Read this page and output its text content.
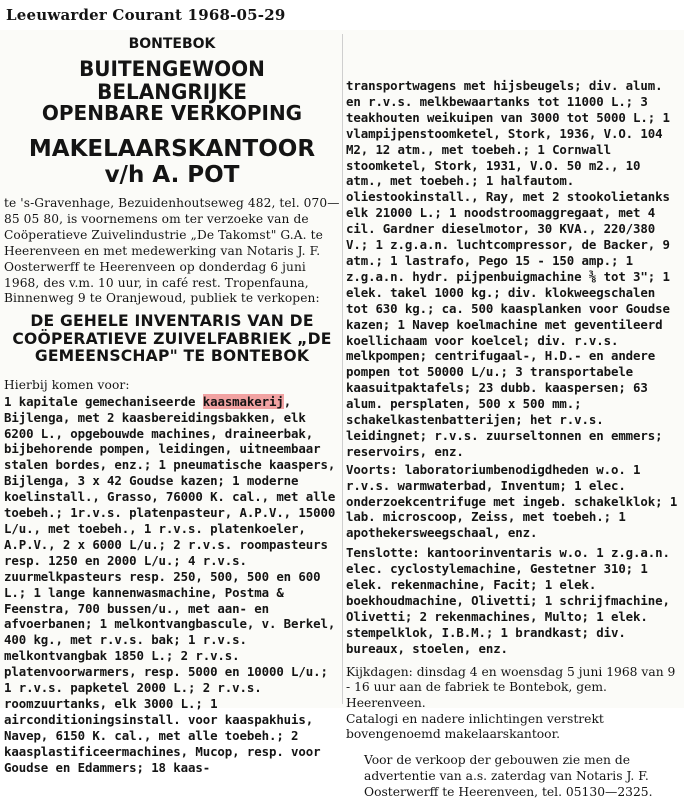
Leeuwarder Courant 1968-05-29
BONTEBOK
BUITENGEWOON BELANGRIJKE
OPENBARE VERKOPING
MAKELAARSKANTOOR
v/h A. POT

te 's-Gravenhage, Bezuidenhoutseweg 482, tel. 070—85 05 80, is voornemens om ter verzoeke van de Coöperatieve Zuivelindustrie „De Takomst" G.A. te Heerenveen en met medewerking van Notaris J. F. Oosterwerff te Heerenveen op donderdag 6 juni 1968, des v.m. 10 uur, in café rest. Tropenfauna, Binnenweg 9 te Oranjewoud, publiek te verkopen:

DE GEHELE INVENTARIS VAN DE COÖPERATIEVE ZUIVELFABRIEK „DE GEMEENSCHAP" TE BONTEBOK

Hierbij komen voor:

1 kapitale gemechaniseerde kaasmakerij, Bijlenga, met 2 kaasbereidingsbakken, elk 6200 L., opgebouwde machines, draineerbak, bijbehorende pompen, leidingen, uitneembaar stalen bordes, enz.; 1 pneumatische kaaspers, Bijlenga, 3 x 42 Goudse kazen; 1 moderne koelinstall., Grasso, 76000 K. cal., met alle toebeh.; 1r.v.s. platenpasteur, A.P.V., 15000 L/u., met toebeh., 1 r.v.s. platenkoeler, A.P.V., 2 x 6000 L/u.; 2 r.v.s. roompasteurs resp. 1250 en 2000 L/u.; 4 r.v.s. zuurmelkpasteurs resp. 250, 500, 500 en 600 L.; 1 lange kannenwasmachine, Postma & Feenstra, 700 bussen/u., met aan- en afvoerbanen; 1 melkontvangbascule, v. Berkel, 400 kg., met r.v.s. bak; 1 r.v.s. melkontvangbak 1850 L.; 2 r.v.s. platenvoorwarmers, resp. 5000 en 10000 L/u.; 1 r.v.s. papketel 2000 L.; 2 r.v.s. roomzuurtanks, elk 3000 L.; 1 airconditioningsinstall. voor kaaspakhuis, Navep, 6150 K. cal., met alle toebeh.; 2 kaasplastificeermachines, Mucop, resp. voor Goudse en Edammers; 18 kaas-

transportwagens met hijsbeugels; div. alum. en r.v.s. melkbewaartanks tot 11000 L.; 3 teakhouten weikuipen van 3000 tot 5000 L.; 1 vlampijpenstoomketel, Stork, 1936, V.O. 104 M2, 12 atm., met toebeh.; 1 Cornwall stoomketel, Stork, 1931, V.O. 50 m2., 10 atm., met toebeh.; 1 halfautom. oliestookinstall., Ray, met 2 stookolietanks elk 21000 L.; 1 noodstroomaggregaat, met 4 cil. Gardner dieselmotor, 30 KVA., 220/380 V.; 1 z.g.a.n. luchtcompressor, de Backer, 9 atm.; 1 lastrafo, Pego 15 - 150 amp.; 1 z.g.a.n. hydr. pijpenbuigmachine ⅜ tot 3"; 1 elek. takel 1000 kg.; div. klokweegschalen tot 630 kg.; ca. 500 kaasplanken voor Goudse kazen; 1 Navep koelmachine met geventileerd koellichaam voor koelcel; div. r.v.s. melkpompen; centrifugaal-, H.D.- en andere pompen tot 50000 L/u.; 3 transportabele kaasuitpaktafels; 23 dubb. kaaspersen; 63 alum. persplaten, 500 x 500 mm.; schakelkastenbatterijen; het r.v.s. leidingnet; r.v.s. zuurseltonnen en emmers; reservoirs, enz.

Voorts: laboratoriumbenodigdheden w.o. 1 r.v.s. warmwaterbad, Inventum; 1 elec. onderzoekcentrifuge met ingeb. schakelklok; 1 lab. microscoop, Zeiss, met toebeh.; 1 apothekersweegschaal, enz.

Tenslotte: kantoorinventaris w.o. 1 z.g.a.n. elec. cyclostylemachine, Gestetner 310; 1 elek. rekenmachine, Facit; 1 elek. boekhoudmachine, Olivetti; 1 schrijfmachine, Olivetti; 2 rekenmachines, Multo; 1 elek. stempelklok, I.B.M.; 1 brandkast; div. bureaux, stoelen, enz.

Kijkdagen: dinsdag 4 en woensdag 5 juni 1968 van 9 - 16 uur aan de fabriek te Bontebok, gem. Heerenveen.

Catalogi en nadere inlichtingen verstrekt bovengenoemd makelaarskantoor.

Voor de verkoop der gebouwen zie men de advertentie van a.s. zaterdag van Notaris J. F. Oosterwerff te Heerenveen, tel. 05130—2325.
